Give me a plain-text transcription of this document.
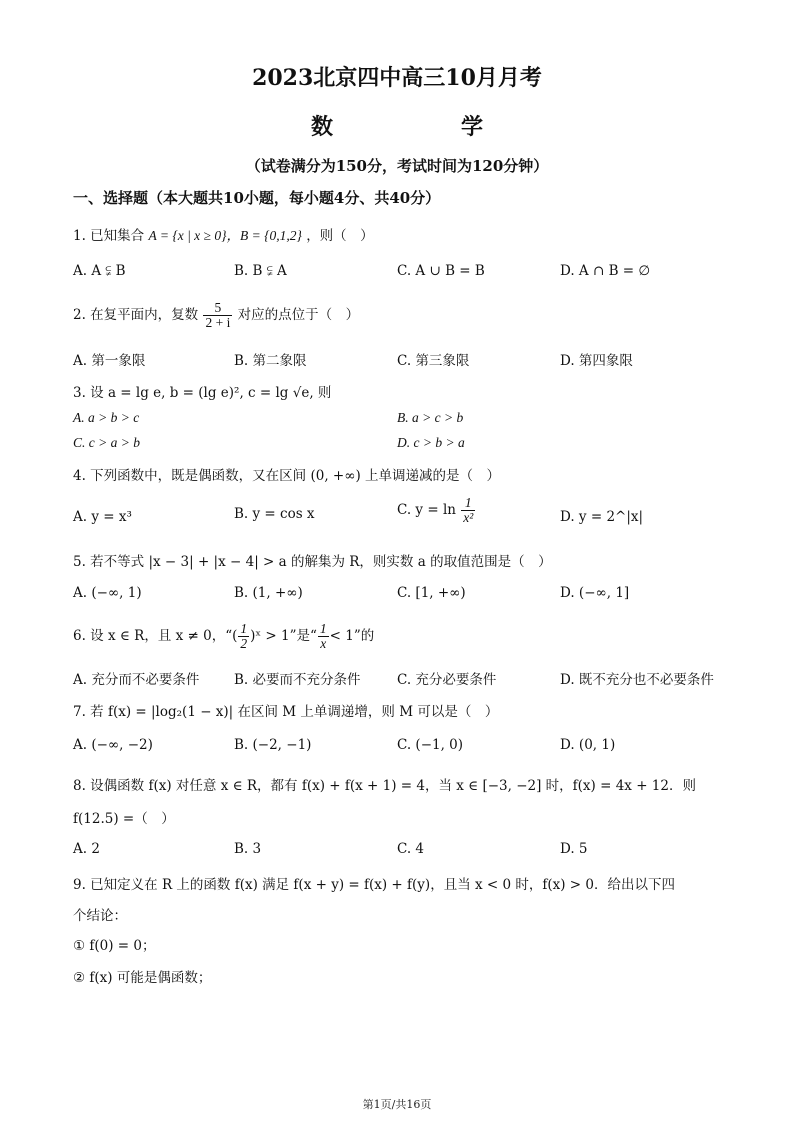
2023北京四中高三10月月考
数　　学
（试卷满分为150分，考试时间为120分钟）
一、选择题（本大题共10小题，每小题4分、共40分）
1. 已知集合 A = {x | x ≥ 0}，B = {0,1,2} ，则（　）
A. A ⫋ B	B. B ⫋ A	C. A ∪ B = B	D. A ∩ B = ∅
2. 在复平面内，复数 $\frac{5}{2 + i}$ 对应的点位于（　）
A. 第一象限	B. 第二象限	C. 第三象限	D. 第四象限
3. 设 a = lg e, b = (lg e)², c = lg √e, 则
A. a > b > c	B. a > c > b
C. c > a > b	D. c > b > a
4. 下列函数中，既是偶函数，又在区间 (0, +∞) 上单调递减的是（　）
A. y = x³	B. y = cos x	C. $y = \ln \frac{1}{\text{x²}}$	D. y = 2^|x|
5. 若不等式 |x − 3| + |x − 4| > a 的解集为 R，则实数 a 的取值范围是（　）
A. (−∞, 1)	B. (1, +∞)	C. [1, +∞)	D. (−∞, 1]
6. 设 x ∈ R，且 x ≠ 0，“( $\frac{1}{2}$ )ˣ > 1”是“ $\frac{1}{x} < 1$”的
A. 充分而不必要条件	B. 必要而不充分条件	C. 充分必要条件	D. 既不充分也不必要条件
7. 若 f(x) = |log₂(1 − x)| 在区间 M 上单调递增，则 M 可以是（　）
A. (−∞, −2)	B. (−2, −1)	C. (−1, 0)	D. (0, 1)
8. 设偶函数 f(x) 对任意 x ∈ R，都有 f(x) + f(x + 1) = 4，当 x ∈ [−3, −2] 时，f(x) = 4x + 12．则
f(12.5) =（　）
A. 2	B. 3	C. 4	D. 5
9. 已知定义在 R 上的函数 f(x) 满足 f(x + y) = f(x) + f(y)，且当 x < 0 时，f(x) > 0．给出以下四
个结论：
① f(0) = 0；
② f(x) 可能是偶函数；
第1页/共16页
